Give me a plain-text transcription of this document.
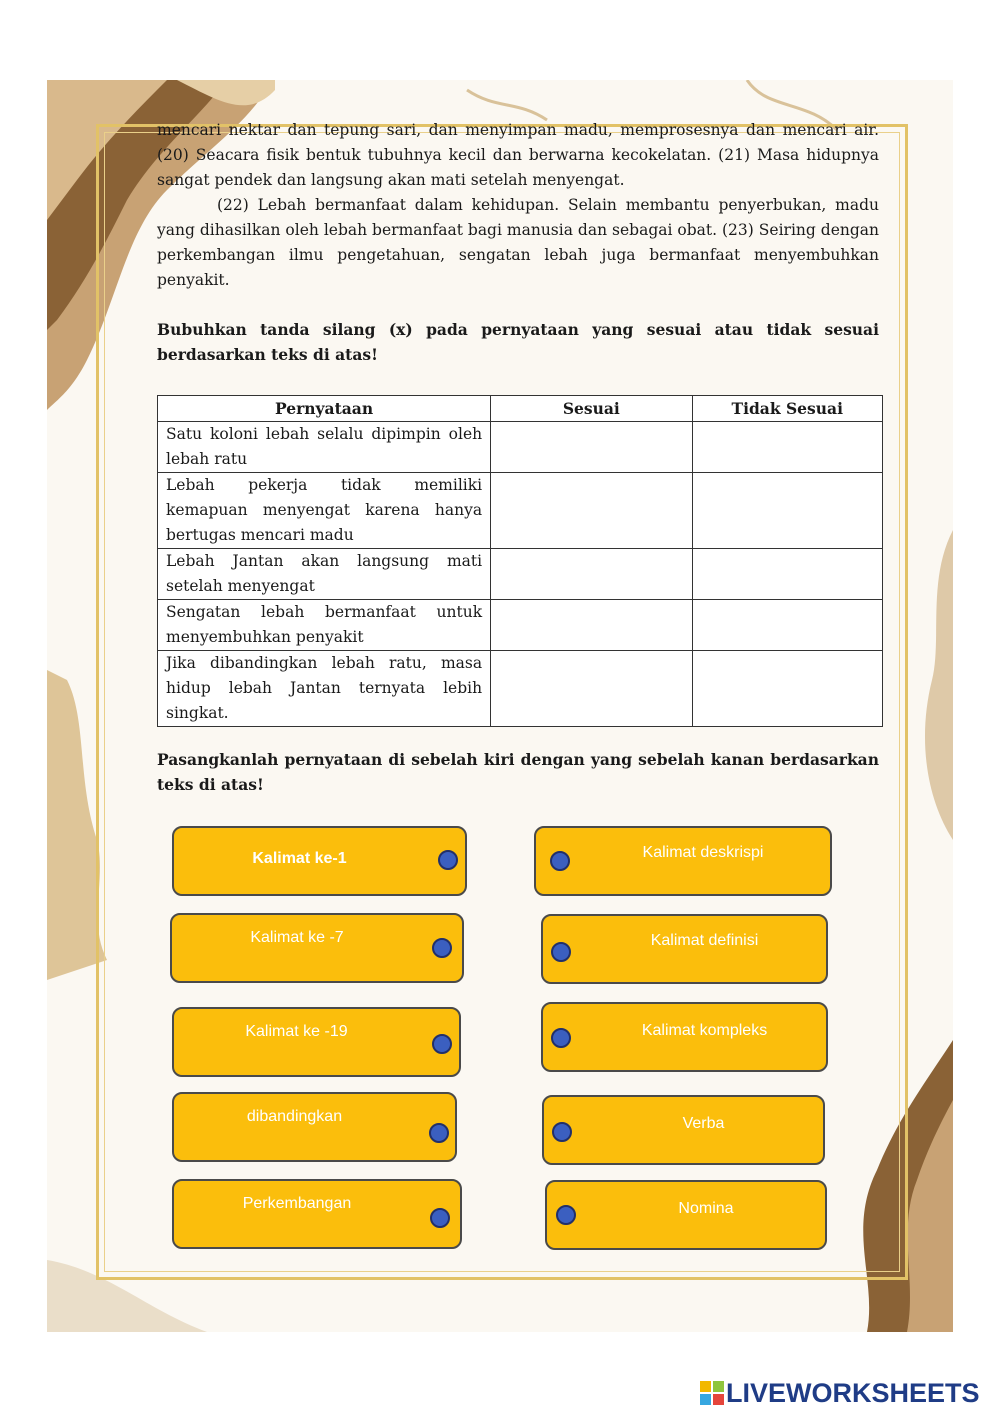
mencari nektar dan tepung sari, dan menyimpan madu, memprosesnya dan mencari air. (20) Seacara fisik bentuk tubuhnya kecil dan berwarna kecokelatan. (21) Masa hidupnya sangat pendek dan langsung akan mati setelah menyengat.

(22) Lebah bermanfaat dalam kehidupan. Selain membantu penyerbukan, madu yang dihasilkan oleh lebah bermanfaat bagi manusia dan sebagai obat. (23) Seiring dengan perkembangan ilmu pengetahuan, sengatan lebah juga bermanfaat menyembuhkan penyakit.

Bubuhkan tanda silang (x) pada pernyataan yang sesuai atau tidak sesuai berdasarkan teks di atas!

Pernyataan	Sesuai	Tidak Sesuai
Satu koloni lebah selalu dipimpin oleh lebah ratu		
Lebah pekerja tidak memiliki kemapuan menyengat karena hanya bertugas mencari madu		
Lebah Jantan akan langsung mati setelah menyengat		
Sengatan lebah bermanfaat untuk menyembuhkan penyakit		
Jika dibandingkan lebah ratu, masa hidup lebah Jantan ternyata lebih singkat.		

Pasangkanlah pernyataan di sebelah kiri dengan yang sebelah kanan berdasarkan teks di atas!

Kalimat ke-1
Kalimat ke -7
Kalimat ke -19
dibandingkan
Perkembangan
Kalimat deskrispi
Kalimat definisi
Kalimat kompleks
Verba
Nomina
LIVEWORKSHEETS
